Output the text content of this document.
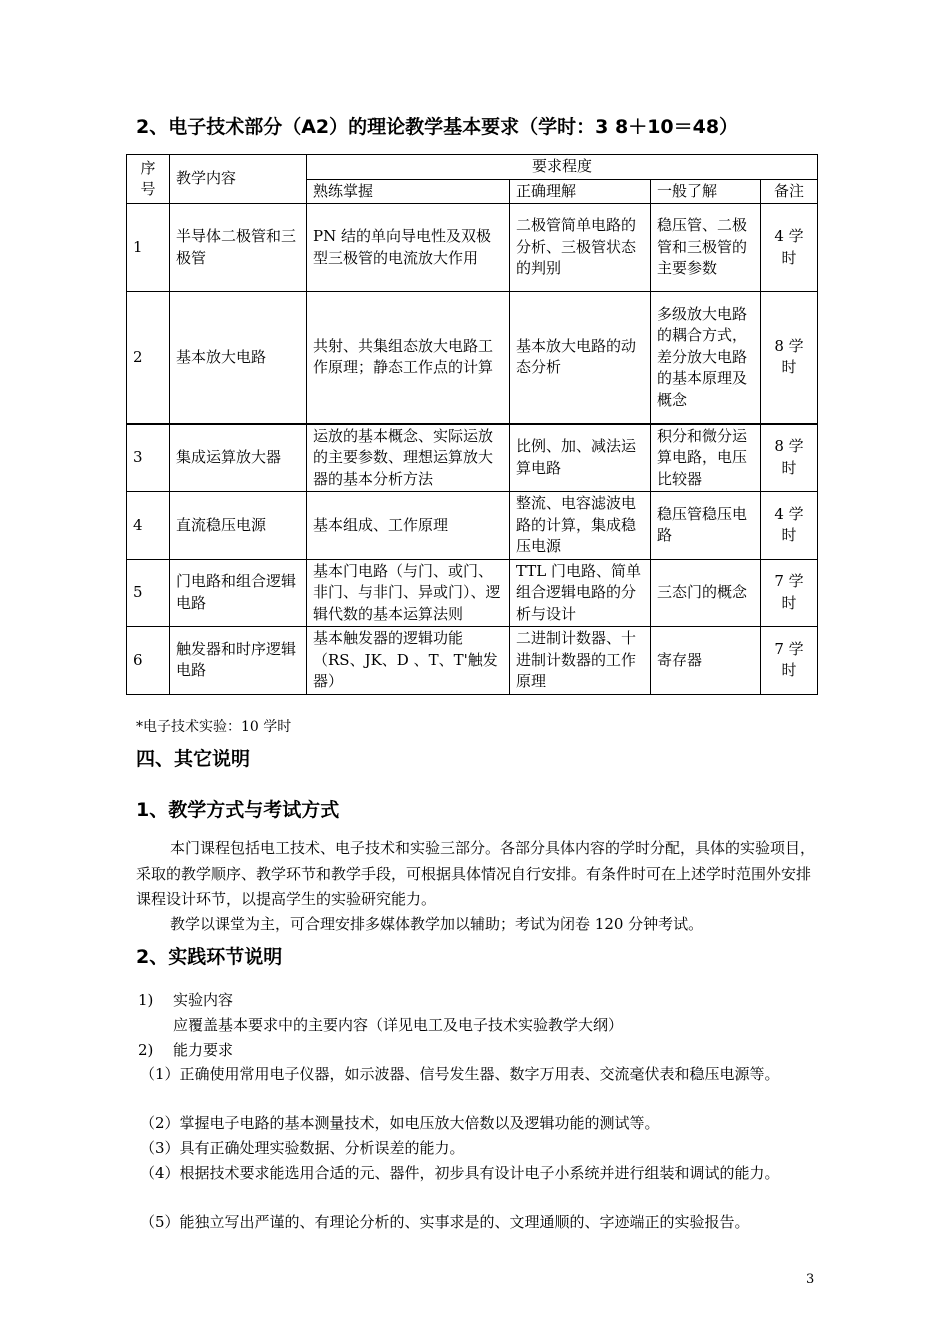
2、电子技术部分（A2）的理论教学基本要求（学时：3 8＋10＝48）
序号	教学内容	要求程度			
		熟练掌握	正确理解	一般了解	备注
1	半导体二极管和三极管	PN 结的单向导电性及双极型三极管的电流放大作用	二极管简单电路的分析、三极管状态的判别	稳压管、二极管和三极管的主要参数	4 学时
2	基本放大电路	共射、共集组态放大电路工作原理；静态工作点的计算	基本放大电路的动态分析	多级放大电路的耦合方式，差分放大电路的基本原理及概念	8 学时
3	集成运算放大器	运放的基本概念、实际运放的主要参数、理想运算放大器的基本分析方法	比例、加、减法运算电路	积分和微分运算电路，电压比较器	8 学时
4	直流稳压电源	基本组成、工作原理	整流、电容滤波电路的计算，集成稳压电源	稳压管稳压电路	4 学时
5	门电路和组合逻辑电路	基本门电路（与门、或门、非门、与非门、异或门）、逻辑代数的基本运算法则	TTL 门电路、简单组合逻辑电路的分析与设计	三态门的概念	7 学时
6	触发器和时序逻辑电路	基本触发器的逻辑功能（RS、JK、D 、T、T'触发器）	二进制计数器、十进制计数器的工作原理	寄存器	7 学时
*电子技术实验：10 学时
四、其它说明
1、教学方式与考试方式
本门课程包括电工技术、电子技术和实验三部分。各部分具体内容的学时分配，具体的实验项目，采取的教学顺序、教学环节和教学手段，可根据具体情况自行安排。有条件时可在上述学时范围外安排课程设计环节，以提高学生的实验研究能力。
教学以课堂为主，可合理安排多媒体教学加以辅助；考试为闭卷 120 分钟考试。
2、实践环节说明
1) 实验内容
应覆盖基本要求中的主要内容（详见电工及电子技术实验教学大纲）
2) 能力要求
（1）正确使用常用电子仪器，如示波器、信号发生器、数字万用表、交流毫伏表和稳压电源等。
（2）掌握电子电路的基本测量技术，如电压放大倍数以及逻辑功能的测试等。
（3）具有正确处理实验数据、分析误差的能力。
（4）根据技术要求能选用合适的元、器件，初步具有设计电子小系统并进行组装和调试的能力。
（5）能独立写出严谨的、有理论分析的、实事求是的、文理通顺的、字迹端正的实验报告。
3
